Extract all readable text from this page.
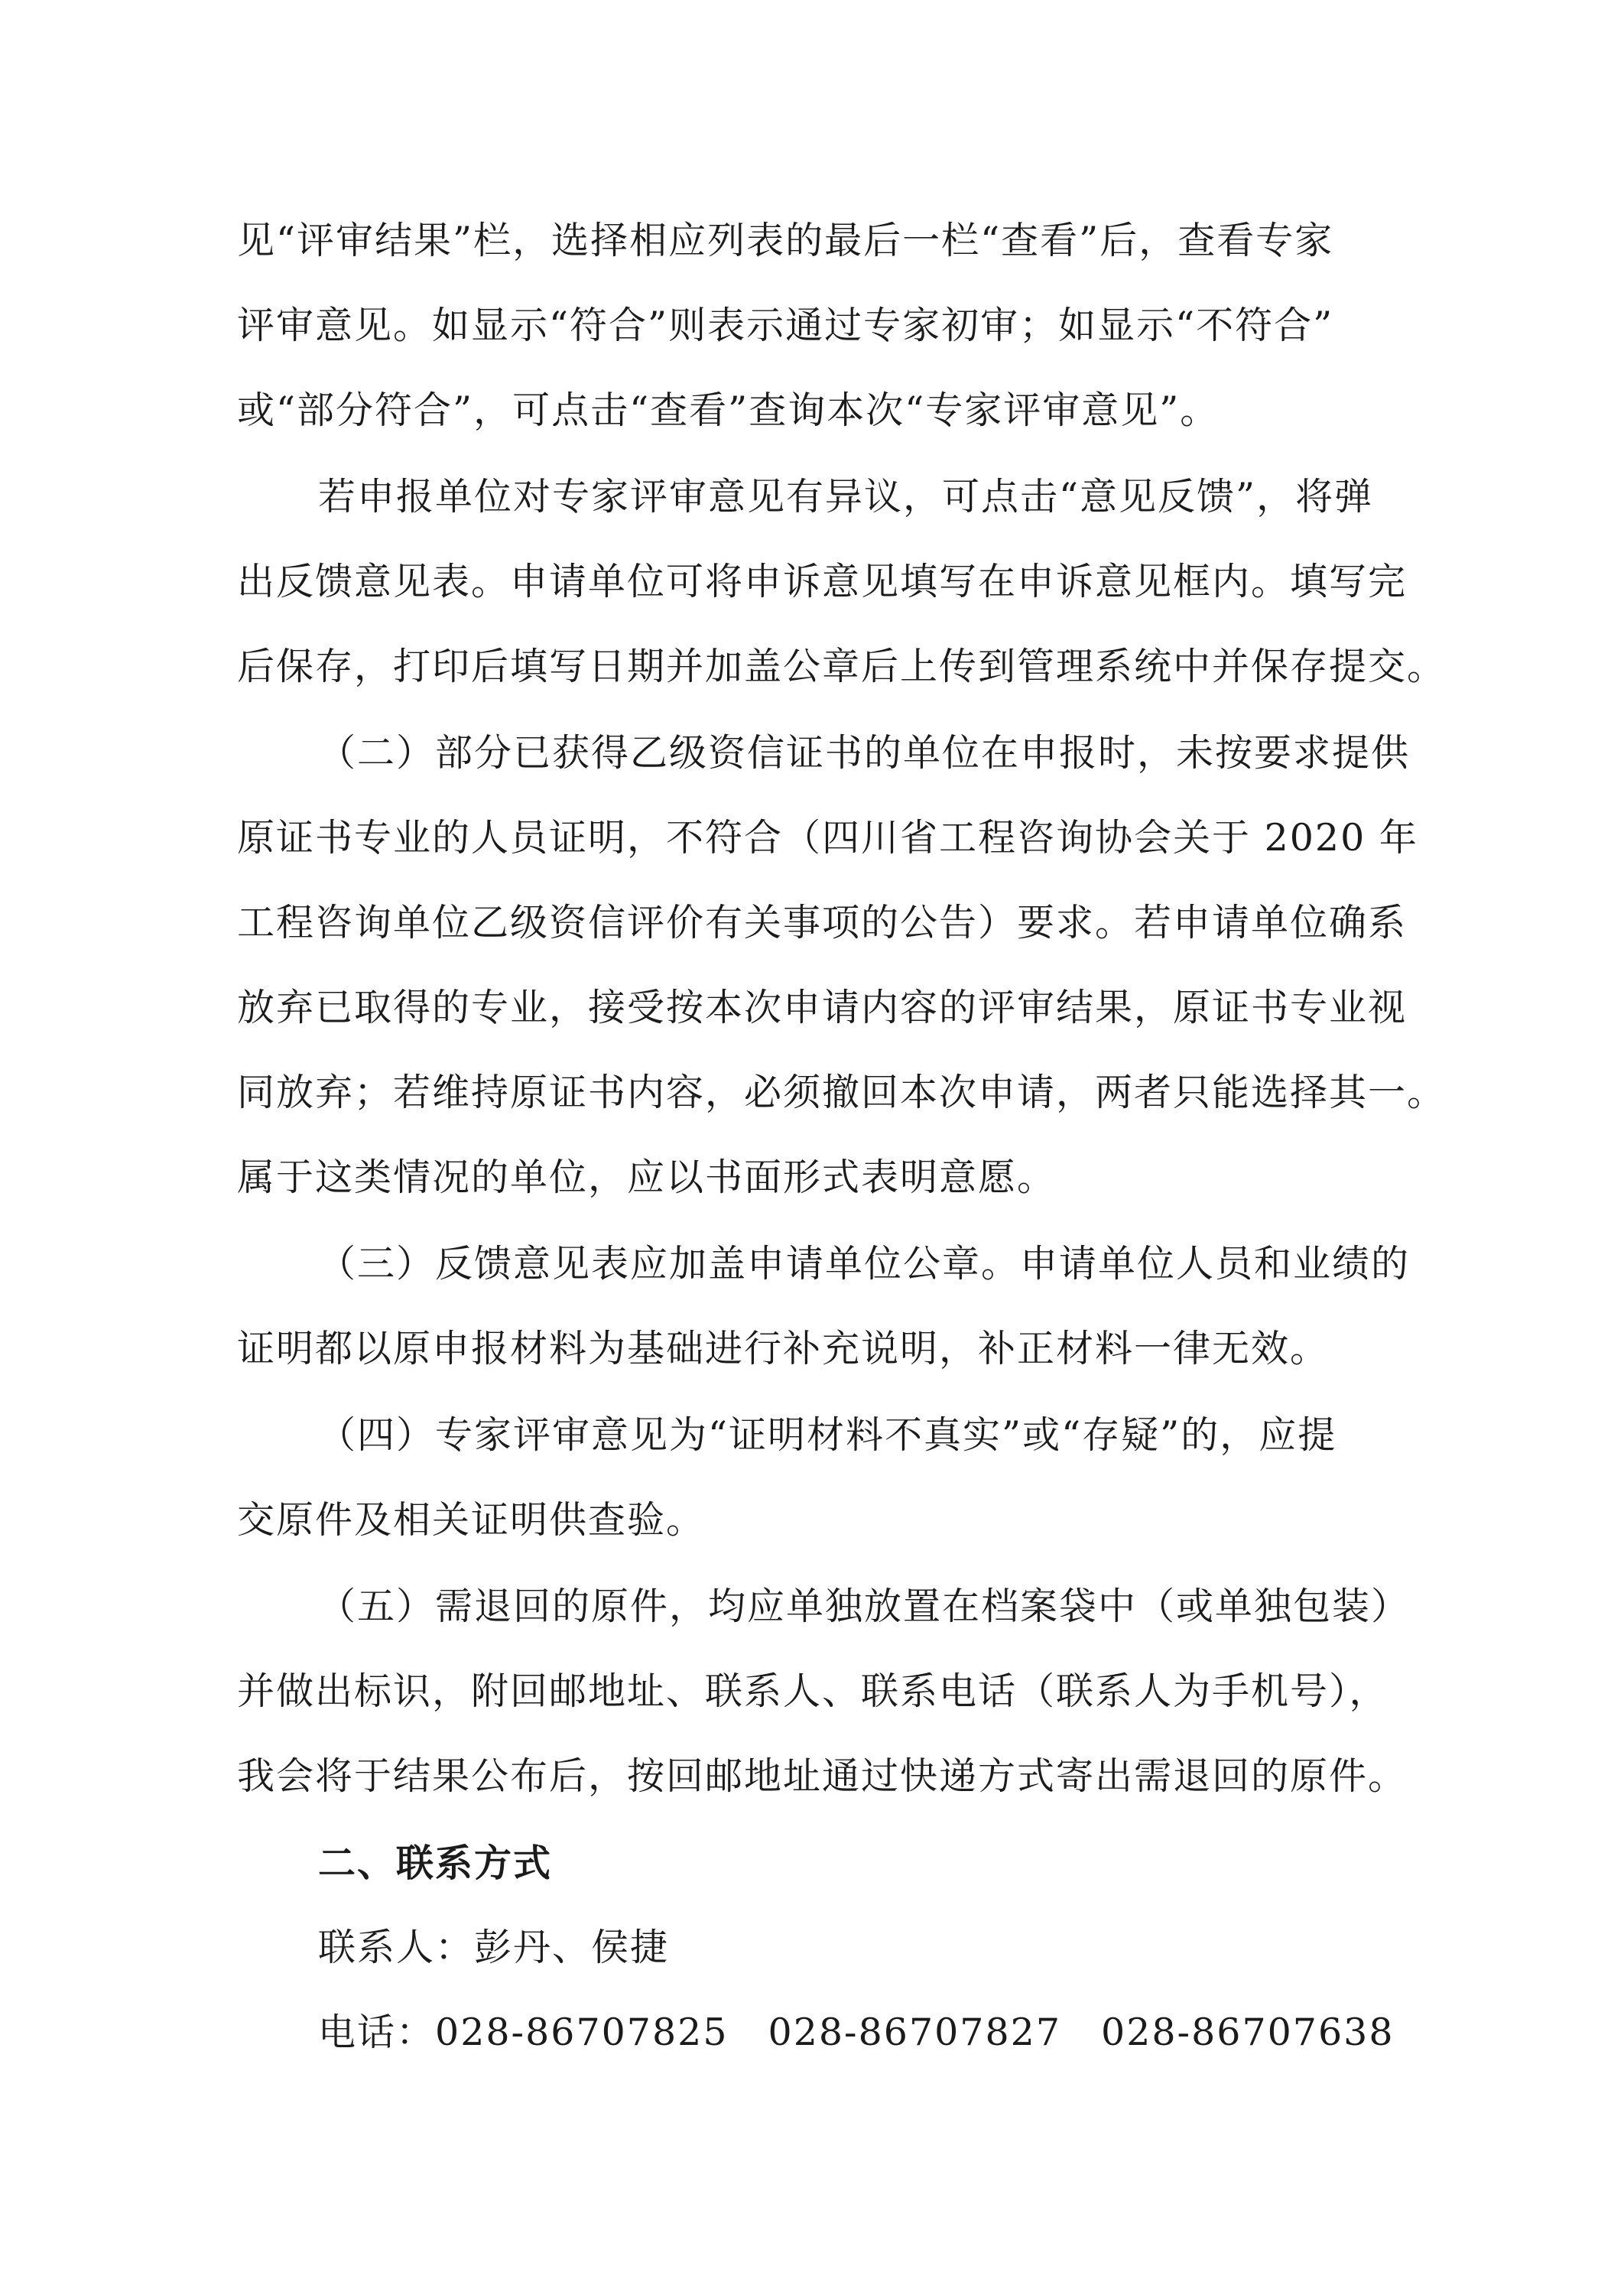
见“评审结果”栏，选择相应列表的最后一栏“查看”后，查看专家
评审意见。如显示“符合”则表示通过专家初审；如显示“不符合”
或“部分符合”，可点击“查看”查询本次“专家评审意见”。
若申报单位对专家评审意见有异议，可点击“意见反馈”，将弹
出反馈意见表。申请单位可将申诉意见填写在申诉意见框内。填写完
后保存，打印后填写日期并加盖公章后上传到管理系统中并保存提交。
（二）部分已获得乙级资信证书的单位在申报时，未按要求提供
原证书专业的人员证明，不符合（四川省工程咨询协会关于 2020 年
工程咨询单位乙级资信评价有关事项的公告）要求。若申请单位确系
放弃已取得的专业，接受按本次申请内容的评审结果，原证书专业视
同放弃；若维持原证书内容，必须撤回本次申请，两者只能选择其一。
属于这类情况的单位，应以书面形式表明意愿。
（三）反馈意见表应加盖申请单位公章。申请单位人员和业绩的
证明都以原申报材料为基础进行补充说明，补正材料一律无效。
（四）专家评审意见为“证明材料不真实”或“存疑”的，应提
交原件及相关证明供查验。
（五）需退回的原件，均应单独放置在档案袋中（或单独包装）
并做出标识，附回邮地址、联系人、联系电话（联系人为手机号），
我会将于结果公布后，按回邮地址通过快递方式寄出需退回的原件。
二、联系方式
联系人：彭丹、侯捷
电话：028-86707825 028-86707827 028-86707638
